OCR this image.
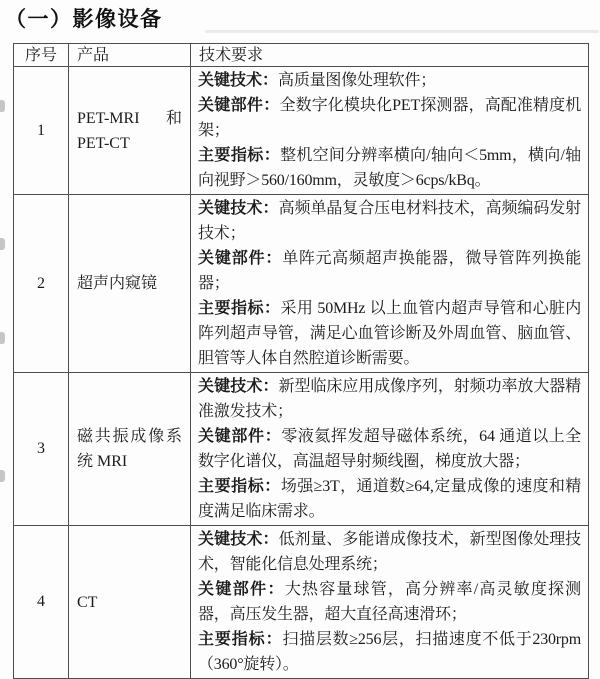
（一）影像设备
序号	产品	技术要求
1	PET-MRI 和 PET-CT	关键技术：高质量图像处理软件；

关键部件：全数字化模块化PET探测器，高配准精度机架；

主要指标：整机空间分辨率横向/轴向＜5mm，横向/轴向视野＞560/160mm，灵敏度＞6cps/kBq。

2	超声内窥镜	关键技术：高频单晶复合压电材料技术，高频编码发射技术；

关键部件：单阵元高频超声换能器，微导管阵列换能器；

主要指标：采用 50MHz 以上血管内超声导管和心脏内阵列超声导管，满足心血管诊断及外周血管、脑血管、胆管等人体自然腔道诊断需要。

3	磁共振成像系统 MRI	关键技术：新型临床应用成像序列，射频功率放大器精准激发技术；

关键部件：零液氦挥发超导磁体系统，64 通道以上全数字化谱仪，高温超导射频线圈，梯度放大器；

主要指标：场强≥3T，通道数≥64,定量成像的速度和精度满足临床需求。

4	CT	关键技术：低剂量、多能谱成像技术，新型图像处理技术，智能化信息处理系统；

关键部件：大热容量球管，高分辨率/高灵敏度探测器，高压发生器，超大直径高速滑环；

主要指标：扫描层数≥256层，扫描速度不低于230rpm（360°旋转）。
